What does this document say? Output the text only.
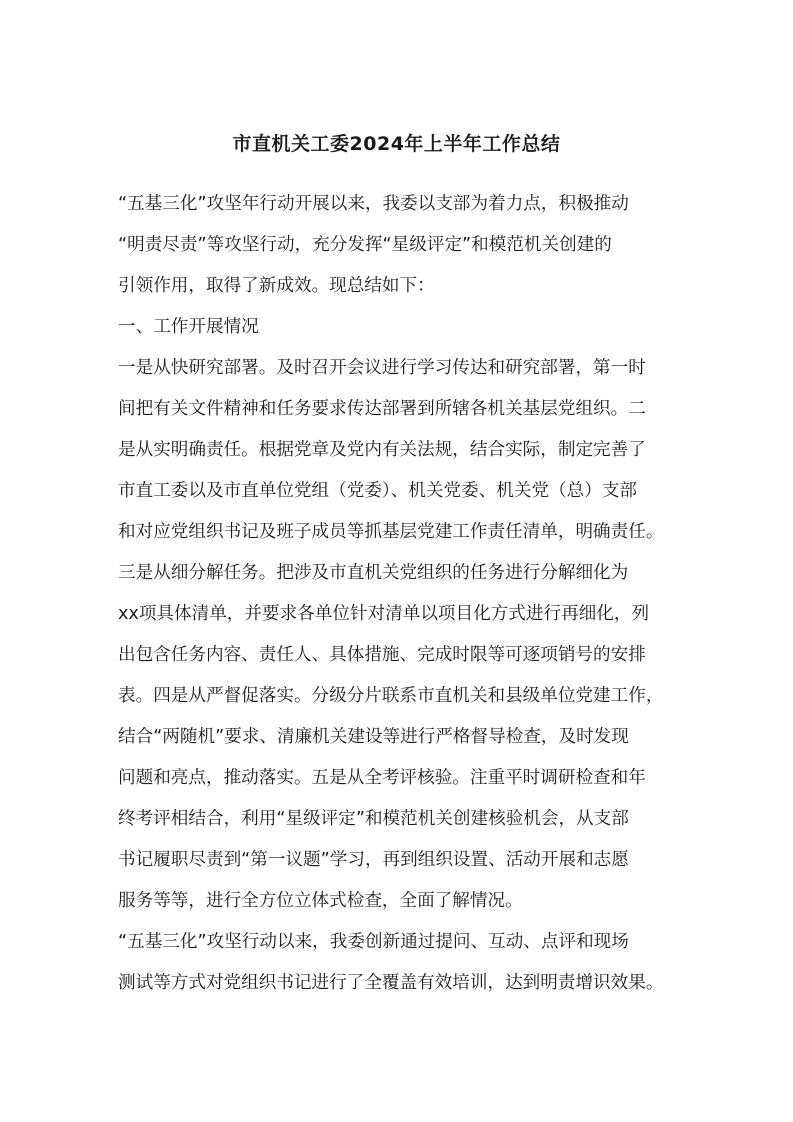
市直机关工委2024年上半年工作总结
“五基三化”攻坚年行动开展以来，我委以支部为着力点，积极推动
“明责尽责”等攻坚行动，充分发挥“星级评定”和模范机关创建的
引领作用，取得了新成效。现总结如下：
一、工作开展情况
一是从快研究部署。及时召开会议进行学习传达和研究部署，第一时
间把有关文件精神和任务要求传达部署到所辖各机关基层党组织。二
是从实明确责任。根据党章及党内有关法规，结合实际，制定完善了
市直工委以及市直单位党组（党委）、机关党委、机关党（总）支部
和对应党组织书记及班子成员等抓基层党建工作责任清单，明确责任。
三是从细分解任务。把涉及市直机关党组织的任务进行分解细化为
xx项具体清单，并要求各单位针对清单以项目化方式进行再细化，列
出包含任务内容、责任人、具体措施、完成时限等可逐项销号的安排
表。四是从严督促落实。分级分片联系市直机关和县级单位党建工作，
结合“两随机”要求、清廉机关建设等进行严格督导检查，及时发现
问题和亮点，推动落实。五是从全考评核验。注重平时调研检查和年
终考评相结合，利用“星级评定”和模范机关创建核验机会，从支部
书记履职尽责到“第一议题”学习，再到组织设置、活动开展和志愿
服务等等，进行全方位立体式检查，全面了解情况。
“五基三化”攻坚行动以来，我委创新通过提问、互动、点评和现场
测试等方式对党组织书记进行了全覆盖有效培训，达到明责增识效果。
